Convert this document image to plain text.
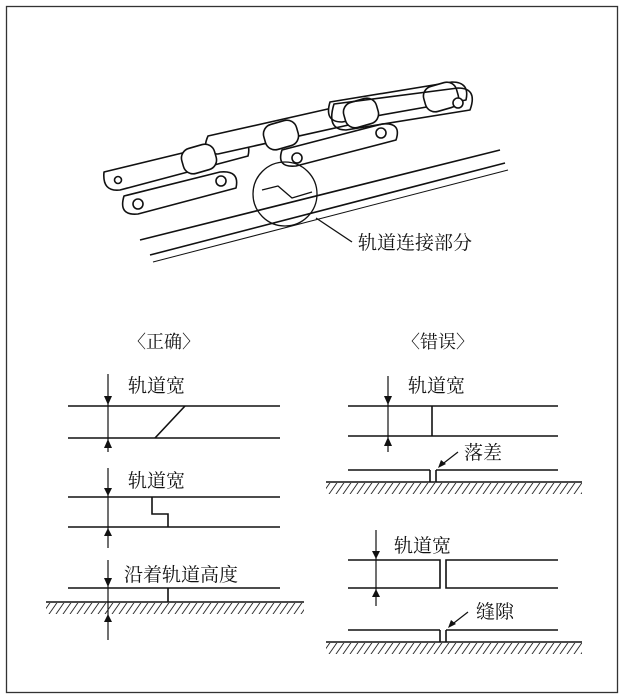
轨道连接部分
〈正确〉
轨道宽
轨道宽
沿着轨道高度
〈错误〉
轨道宽
落差
轨道宽
缝隙
